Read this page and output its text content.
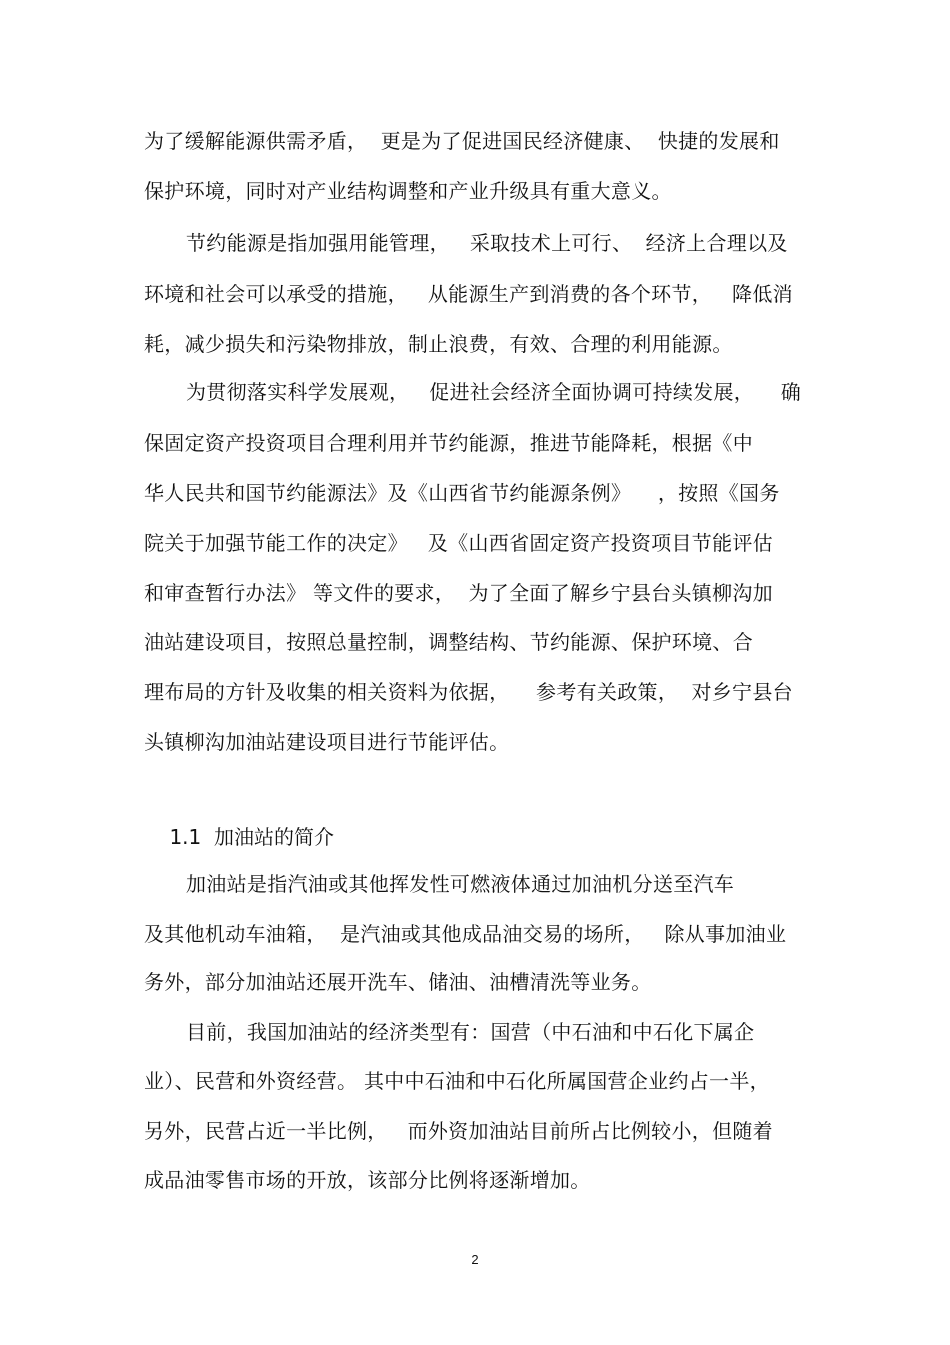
为了缓解能源供需矛盾，  更是为了促进国民经济健康、  快捷的发展和
保护环境，同时对产业结构调整和产业升级具有重大意义。
节约能源是指加强用能管理，   采取技术上可行、  经济上合理以及
环境和社会可以承受的措施，   从能源生产到消费的各个环节，   降低消
耗，减少损失和污染物排放，制止浪费，有效、合理的利用能源。
为贯彻落实科学发展观，   促进社会经济全面协调可持续发展，    确
保固定资产投资项目合理利用并节约能源，推进节能降耗，根据《中
华人民共和国节约能源法》及《山西省节约能源条例》    ，按照《国务
院关于加强节能工作的决定》   及《山西省固定资产投资项目节能评估
和审查暂行办法》 等文件的要求，  为了全面了解乡宁县台头镇柳沟加
油站建设项目，按照总量控制，调整结构、节约能源、保护环境、合
理布局的方针及收集的相关资料为依据，    参考有关政策，  对乡宁县台
头镇柳沟加油站建设项目进行节能评估。

1.1 加油站的简介

加油站是指汽油或其他挥发性可燃液体通过加油机分送至汽车
及其他机动车油箱，  是汽油或其他成品油交易的场所，   除从事加油业
务外，部分加油站还展开洗车、储油、油槽清洗等业务。
目前，我国加油站的经济类型有：国营（中石油和中石化下属企
业）、民营和外资经营。 其中中石油和中石化所属国营企业约占一半，
另外，民营占近一半比例，   而外资加油站目前所占比例较小，但随着
成品油零售市场的开放，该部分比例将逐渐增加。
2
